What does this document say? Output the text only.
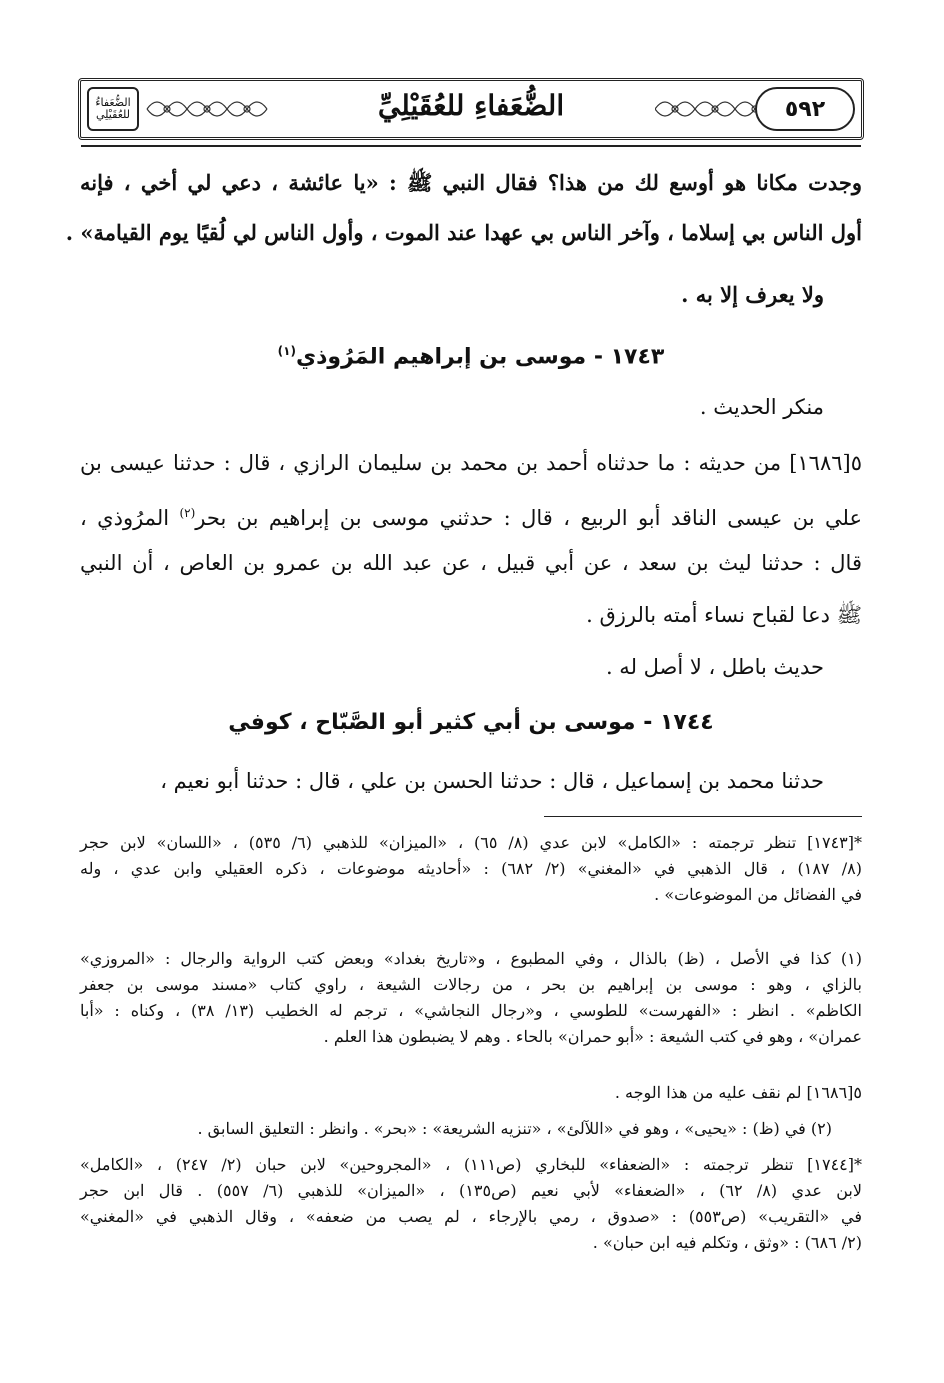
الضُّعَفاءُ للعُقَيْلِي	الضُّعَفاءِ للعُقَيْلِيِّ	٥٩٢
وجدت مكانا هو أوسع لك من هذا؟ فقال النبي ﷺ : «يا عائشة ، دعي لي أخي ، فإنه
أول الناس بي إسلاما ، وآخر الناس بي عهدا عند الموت ، وأول الناس لي لُقيًا يوم القيامة» .
ولا يعرف إلا به .
١٧٤٣ - موسى بن إبراهيم المَرُوذي$^{(١)}$
منكر الحديث .
٥[١٦٨٦] من حديثه : ما حدثناه أحمد بن محمد بن سليمان الرازي ، قال : حدثنا عيسى بن
علي بن عيسى الناقد أبو الربيع ، قال : حدثني موسى بن إبراهيم بن بحر$^{(٢)}$ المرُوذي ،
قال : حدثنا ليث بن سعد ، عن أبي قبيل ، عن عبد الله بن عمرو بن العاص ، أن النبي
ﷺ دعا لقباح نساء أمته بالرزق .
حديث باطل ، لا أصل له .
١٧٤٤ - موسى بن أبي كثير أبو الصَّبّاح ، كوفي
حدثنا محمد بن إسماعيل ، قال : حدثنا الحسن بن علي ، قال : حدثنا أبو نعيم ،
*[١٧٤٣] تنظر ترجمته : «الكامل» لابن عدي (٨/ ٦٥) ، «الميزان» للذهبي (٦/ ٥٣٥) ، «اللسان» لابن حجر
(٨/ ١٨٧) ، قال الذهبي في «المغني» (٢/ ٦٨٢) : «أحاديثه موضوعات ، ذكره العقيلي وابن عدي ، وله
في الفضائل من الموضوعات» .
(١) كذا في الأصل ، (ظ) بالذال ، وفي المطبوع ، و«تاريخ بغداد» وبعض كتب الرواية والرجال : «المروزي»
بالزاي ، وهو : موسى بن إبراهيم بن بحر ، من رجالات الشيعة ، راوي كتاب «مسند موسى بن جعفر
الكاظم» . انظر : «الفهرست» للطوسي ، و«رجال النجاشي» ، ترجم له الخطيب (١٣/ ٣٨) ، وكناه : «أبا
عمران» ، وهو في كتب الشيعة : «أبو حمران» بالحاء . وهم لا يضبطون هذا العلم .
٥[١٦٨٦] لم نقف عليه من هذا الوجه .
(٢) في (ظ) : «يحيى» ، وهو في «اللآلئ» ، «تنزيه الشريعة» : «بحر» . وانظر : التعليق السابق .
*[١٧٤٤] تنظر ترجمته : «الضعفاء» للبخاري (ص١١١) ، «المجروحين» لابن حبان (٢/ ٢٤٧) ، «الكامل»
لابن عدي (٨/ ٦٢) ، «الضعفاء» لأبي نعيم (ص١٣٥) ، «الميزان» للذهبي (٦/ ٥٥٧) . قال ابن حجر
في «التقريب» (ص٥٥٣) : «صدوق ، رمي بالإرجاء ، لم يصب من ضعفه» ، وقال الذهبي في «المغني»
(٢/ ٦٨٦) : «وثق ، وتكلم فيه ابن حبان» .
